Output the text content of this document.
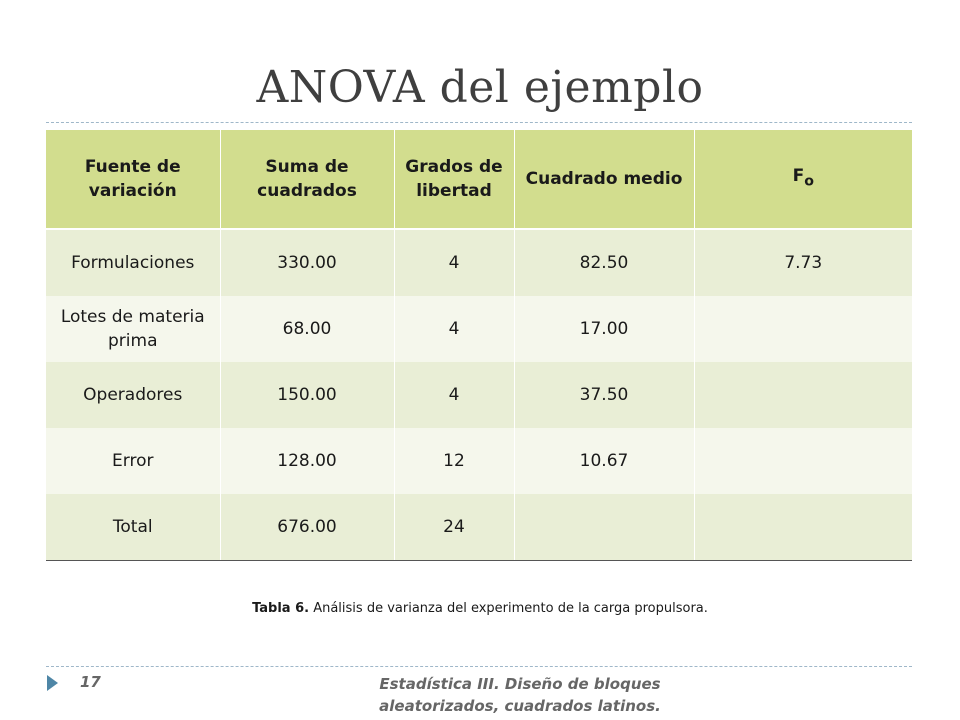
ANOVA del ejemplo
Fuente de variación	Suma de cuadrados	Grados de libertad	Cuadrado medio	$F_o$
Formulaciones	330.00	4	82.50	7.73
Lotes de materia prima	68.00	4	17.00	
Operadores	150.00	4	37.50	
Error	128.00	12	10.67	
Total	676.00	24		
Tabla 6. Análisis de varianza del experimento de la carga propulsora.
17	Estadística III. Diseño de bloques aleatorizados, cuadrados latinos.
